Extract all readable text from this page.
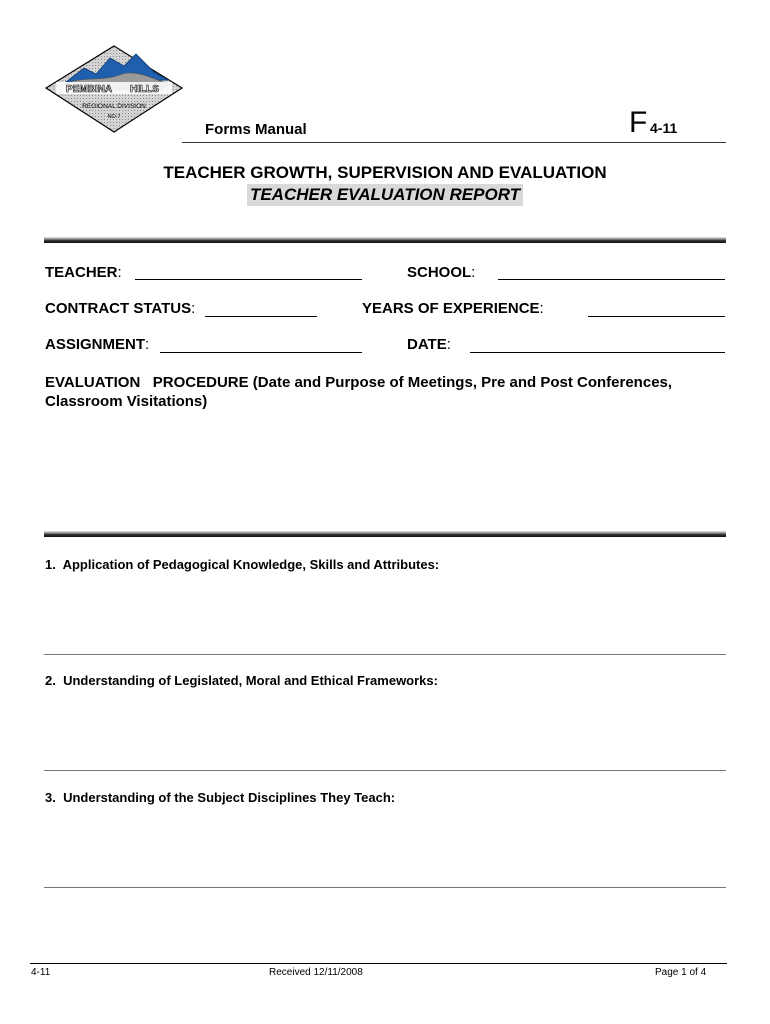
PEMBINA HILLS
REGIONAL DIVISION
NO.7
Forms Manual	F 4-11
TEACHER GROWTH, SUPERVISION AND EVALUATION
TEACHER EVALUATION REPORT
TEACHER:	SCHOOL:
CONTRACT STATUS:	YEARS OF EXPERIENCE:
ASSIGNMENT:	DATE:
EVALUATION   PROCEDURE (Date and Purpose of Meetings, Pre and Post Conferences, Classroom Visitations)
1.  Application of Pedagogical Knowledge, Skills and Attributes:
2.  Understanding of Legislated, Moral and Ethical Frameworks:
3.  Understanding of the Subject Disciplines They Teach:
4-11	Received 12/11/2008	Page 1 of 4
